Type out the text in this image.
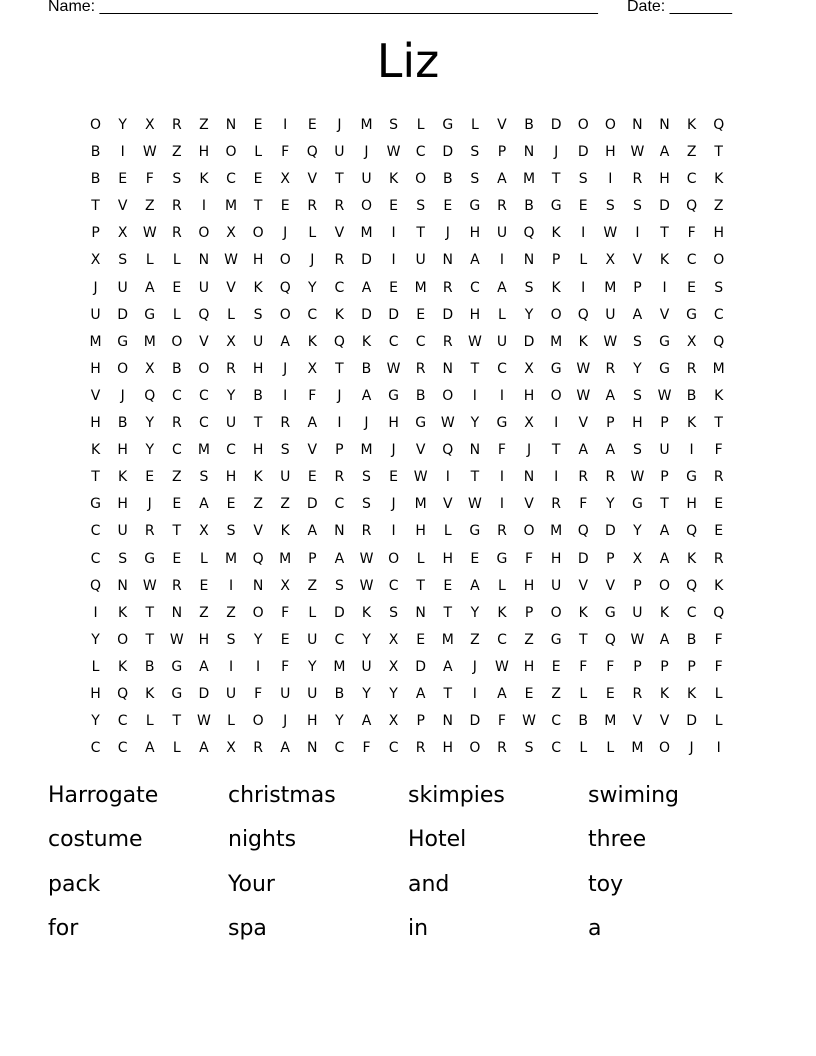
Name: ________________________________________________________ Date: _______
Liz
O	Y	X	R	Z	N	E	I	E	J	M	S	L	G	L	V	B	D	O	O	N	N	K	Q
B	I	W	Z	H	O	L	F	Q	U	J	W	C	D	S	P	N	J	D	H	W	A	Z	T
B	E	F	S	K	C	E	X	V	T	U	K	O	B	S	A	M	T	S	I	R	H	C	K
T	V	Z	R	I	M	T	E	R	R	O	E	S	E	G	R	B	G	E	S	S	D	Q	Z
P	X	W	R	O	X	O	J	L	V	M	I	T	J	H	U	Q	K	I	W	I	T	F	H
X	S	L	L	N	W	H	O	J	R	D	I	U	N	A	I	N	P	L	X	V	K	C	O
J	U	A	E	U	V	K	Q	Y	C	A	E	M	R	C	A	S	K	I	M	P	I	E	S
U	D	G	L	Q	L	S	O	C	K	D	D	E	D	H	L	Y	O	Q	U	A	V	G	C
M	G	M	O	V	X	U	A	K	Q	K	C	C	R	W	U	D	M	K	W	S	G	X	Q
H	O	X	B	O	R	H	J	X	T	B	W	R	N	T	C	X	G	W	R	Y	G	R	M
V	J	Q	C	C	Y	B	I	F	J	A	G	B	O	I	I	H	O	W	A	S	W	B	K
H	B	Y	R	C	U	T	R	A	I	J	H	G	W	Y	G	X	I	V	P	H	P	K	T
K	H	Y	C	M	C	H	S	V	P	M	J	V	Q	N	F	J	T	A	A	S	U	I	F
T	K	E	Z	S	H	K	U	E	R	S	E	W	I	T	I	N	I	R	R	W	P	G	R
G	H	J	E	A	E	Z	Z	D	C	S	J	M	V	W	I	V	R	F	Y	G	T	H	E
C	U	R	T	X	S	V	K	A	N	R	I	H	L	G	R	O	M	Q	D	Y	A	Q	E
C	S	G	E	L	M	Q	M	P	A	W	O	L	H	E	G	F	H	D	P	X	A	K	R
Q	N	W	R	E	I	N	X	Z	S	W	C	T	E	A	L	H	U	V	V	P	O	Q	K
I	K	T	N	Z	Z	O	F	L	D	K	S	N	T	Y	K	P	O	K	G	U	K	C	Q
Y	O	T	W	H	S	Y	E	U	C	Y	X	E	M	Z	C	Z	G	T	Q	W	A	B	F
L	K	B	G	A	I	I	F	Y	M	U	X	D	A	J	W	H	E	F	F	P	P	P	F
H	Q	K	G	D	U	F	U	U	B	Y	Y	A	T	I	A	E	Z	L	E	R	K	K	L
Y	C	L	T	W	L	O	J	H	Y	A	X	P	N	D	F	W	C	B	M	V	V	D	L
C	C	A	L	A	X	R	A	N	C	F	C	R	H	O	R	S	C	L	L	M	O	J	I
Harrogate	christmas	skimpies	swiming
costume	nights	Hotel	three
pack	Your	and	toy
for	spa	in	a
